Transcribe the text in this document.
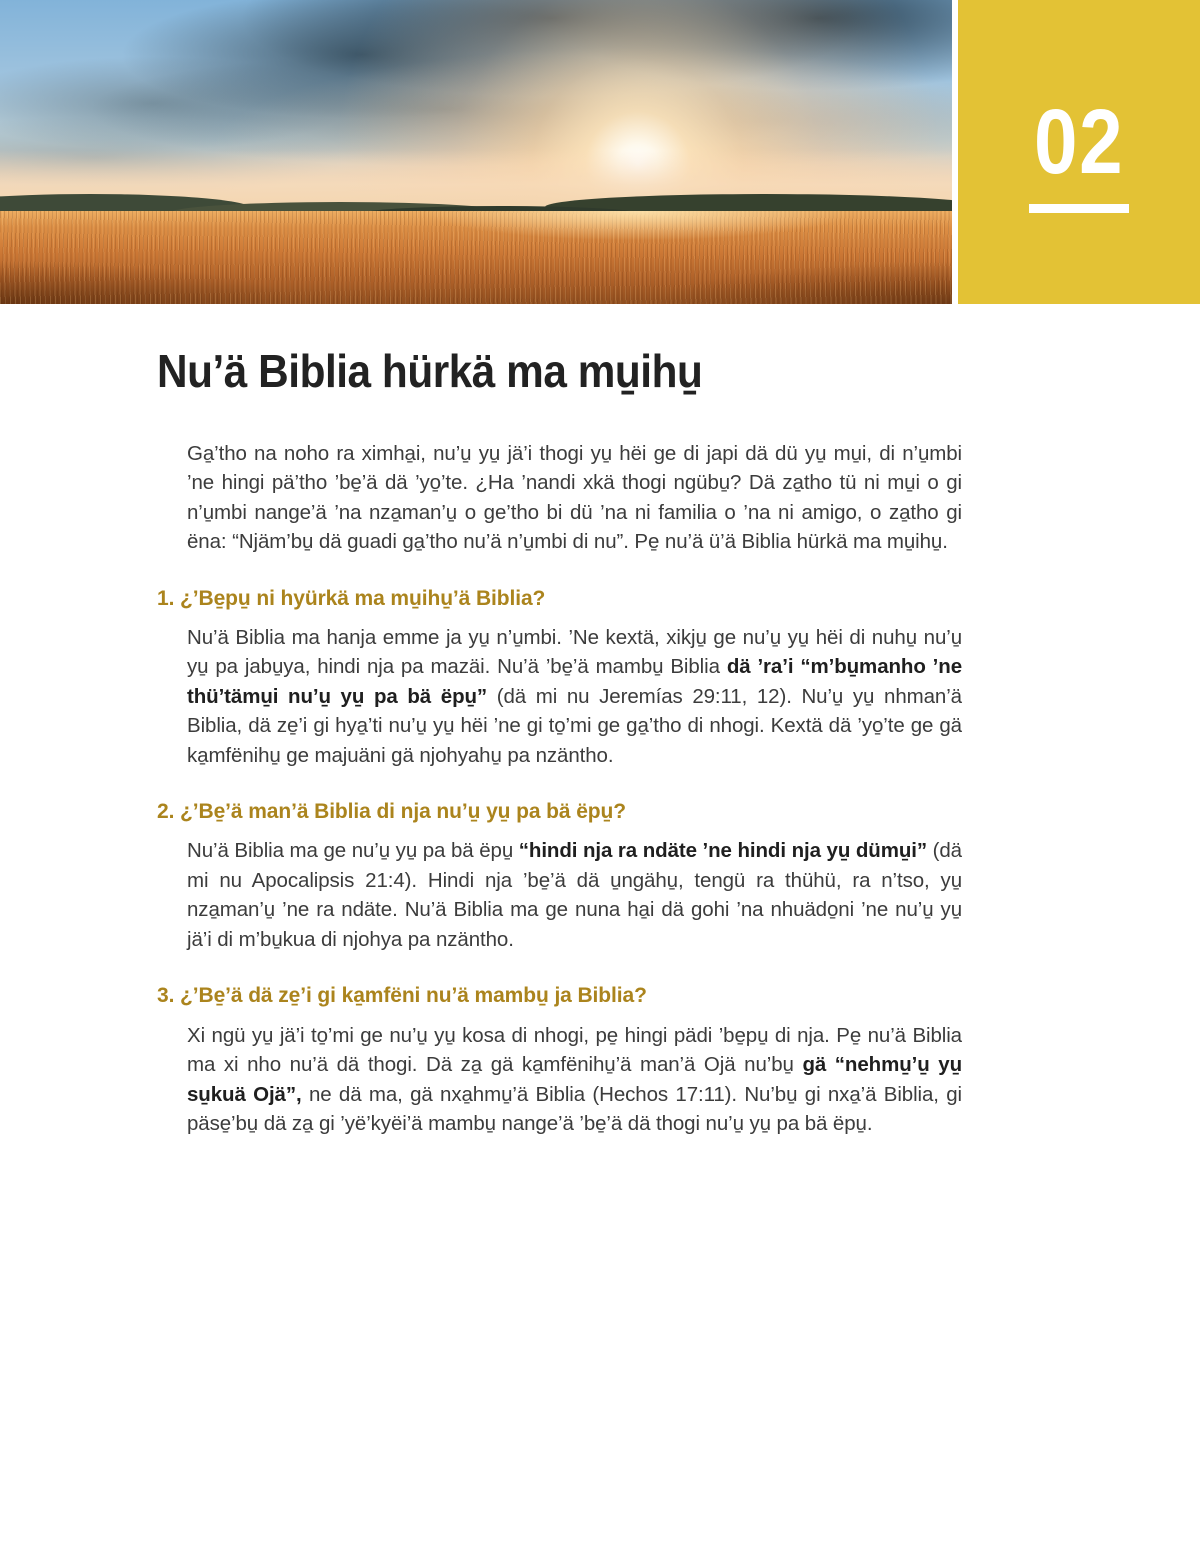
02
Nu’ä Biblia hürkä ma mu̱ihu̱

Ga̱’tho na noho ra ximha̱i, nu’u̱ yu̱ jä’i thogi yu̱ hëi ge di japi dä dü yu̱ mu̱i, di n’u̱mbi ’ne hingi pä’tho ’be̱’ä dä ’yo̱’te. ¿Ha ’nandi xkä thogi ngübu̱? Dä za̱tho tü ni mu̱i o gi n’u̱mbi nange’ä ’na nza̱man’u̱ o ge’tho bi dü ’na ni familia o ’na ni amigo, o za̱tho gi ëna: “Njäm’bu̱ dä guadi ga̱’tho nu’ä n’u̱mbi di nu”. Pe̱ nu’ä ü’ä Biblia hürkä ma mu̱ihu̱.

1. ¿’Be̱pu̱ ni hyürkä ma mu̱ihu̱’ä Biblia?

Nu’ä Biblia ma hanja emme ja yu̱ n’u̱mbi. ’Ne kextä, xikju̱ ge nu’u̱ yu̱ hëi di nuhu̱ nu’u̱ yu̱ pa jabu̱ya, hindi nja pa mazäi. Nu’ä ’be̱’ä mambu̱ Biblia dä ’ra’i “m’bu̱manho ’ne thü’tämu̱i nu’u̱ yu̱ pa bä ëpu̱” (dä mi nu Jeremías 29:11, 12). Nu’u̱ yu̱ nhman’ä Biblia, dä ze̱’i gi hya̱’ti nu’u̱ yu̱ hëi ’ne gi to̱’mi ge ga̱’tho di nhogi. Kextä dä ’yo̱’te ge gä ka̱mfënihu̱ ge majuäni gä njohyahu̱ pa nzäntho.

2. ¿’Be̱’ä man’ä Biblia di nja nu’u̱ yu̱ pa bä ëpu̱?

Nu’ä Biblia ma ge nu’u̱ yu̱ pa bä ëpu̱ “hindi nja ra ndäte ’ne hindi nja yu̱ dümu̱i” (dä mi nu Apocalipsis 21:4). Hindi nja ’be̱’ä dä u̱ngähu̱, tengü ra thühü, ra n’tso, yu̱ nza̱man’u̱ ’ne ra ndäte. Nu’ä Biblia ma ge nuna ha̱i dä gohi ’na nhuädo̱ni ’ne nu’u̱ yu̱ jä’i di m’bu̱kua di njohya pa nzäntho.

3. ¿’Be̱’ä dä ze̱’i gi ka̱mfëni nu’ä mambu̱ ja Biblia?

Xi ngü yu̱ jä’i to̱’mi ge nu’u̱ yu̱ kosa di nhogi, pe̱ hingi pädi ’be̱pu̱ di nja. Pe̱ nu’ä Biblia ma xi nho nu’ä dä thogi. Dä za̱ gä ka̱mfënihu̱’ä man’ä Ojä nu’bu̱ gä “nehmu̱’u̱ yu̱ su̱kuä Ojä”, ne dä ma, gä nxa̱hmu̱’ä Biblia (Hechos 17:11). Nu’bu̱ gi nxa̱’ä Biblia, gi päse̱’bu̱ dä za̱ gi ’yë’kyëi’ä mambu̱ nange’ä ’be̱’ä dä thogi nu’u̱ yu̱ pa bä ëpu̱.
